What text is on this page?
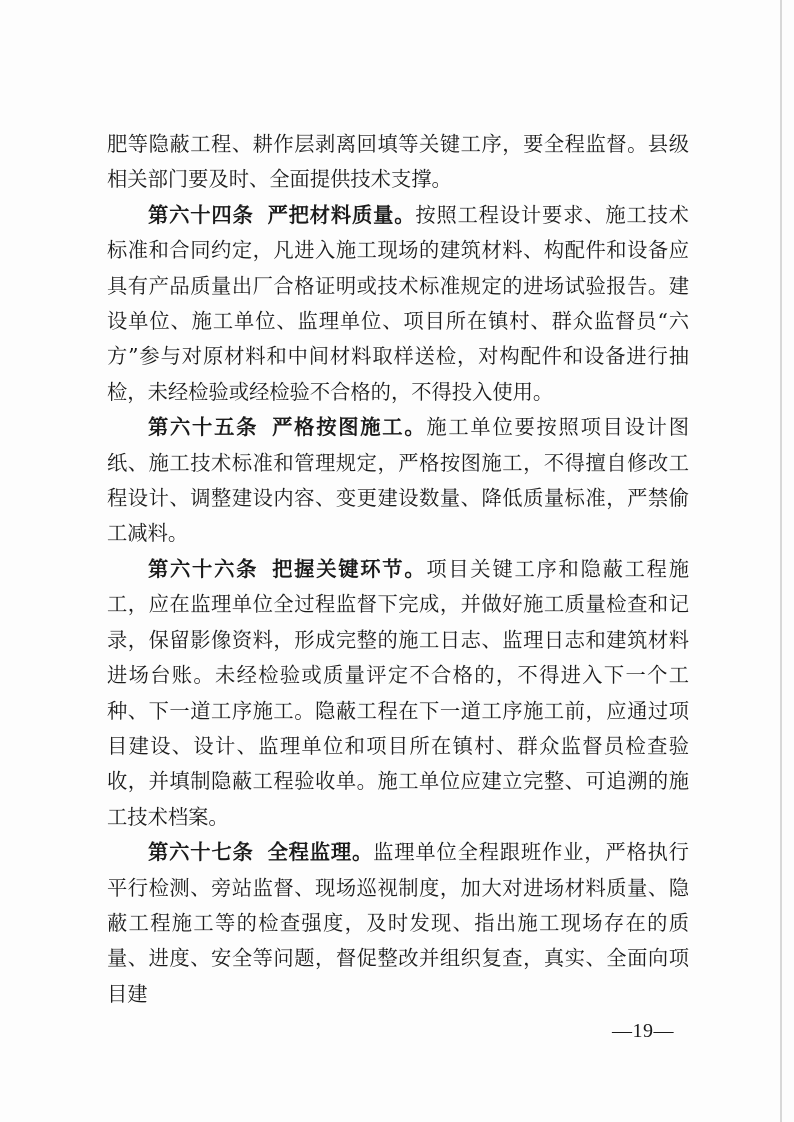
肥等隐蔽工程、耕作层剥离回填等关键工序，要全程监督。县级相关部门要及时、全面提供技术支撑。

第六十四条 严把材料质量。按照工程设计要求、施工技术标准和合同约定，凡进入施工现场的建筑材料、构配件和设备应具有产品质量出厂合格证明或技术标准规定的进场试验报告。建设单位、施工单位、监理单位、项目所在镇村、群众监督员“六方”参与对原材料和中间材料取样送检，对构配件和设备进行抽检，未经检验或经检验不合格的，不得投入使用。

第六十五条 严格按图施工。施工单位要按照项目设计图纸、施工技术标准和管理规定，严格按图施工，不得擅自修改工程设计、调整建设内容、变更建设数量、降低质量标准，严禁偷工减料。

第六十六条 把握关键环节。项目关键工序和隐蔽工程施工，应在监理单位全过程监督下完成，并做好施工质量检查和记录，保留影像资料，形成完整的施工日志、监理日志和建筑材料进场台账。未经检验或质量评定不合格的，不得进入下一个工种、下一道工序施工。隐蔽工程在下一道工序施工前，应通过项目建设、设计、监理单位和项目所在镇村、群众监督员检查验收，并填制隐蔽工程验收单。施工单位应建立完整、可追溯的施工技术档案。

第六十七条 全程监理。监理单位全程跟班作业，严格执行平行检测、旁站监督、现场巡视制度，加大对进场材料质量、隐蔽工程施工等的检查强度，及时发现、指出施工现场存在的质量、进度、安全等问题，督促整改并组织复查，真实、全面向项目建

—19—
